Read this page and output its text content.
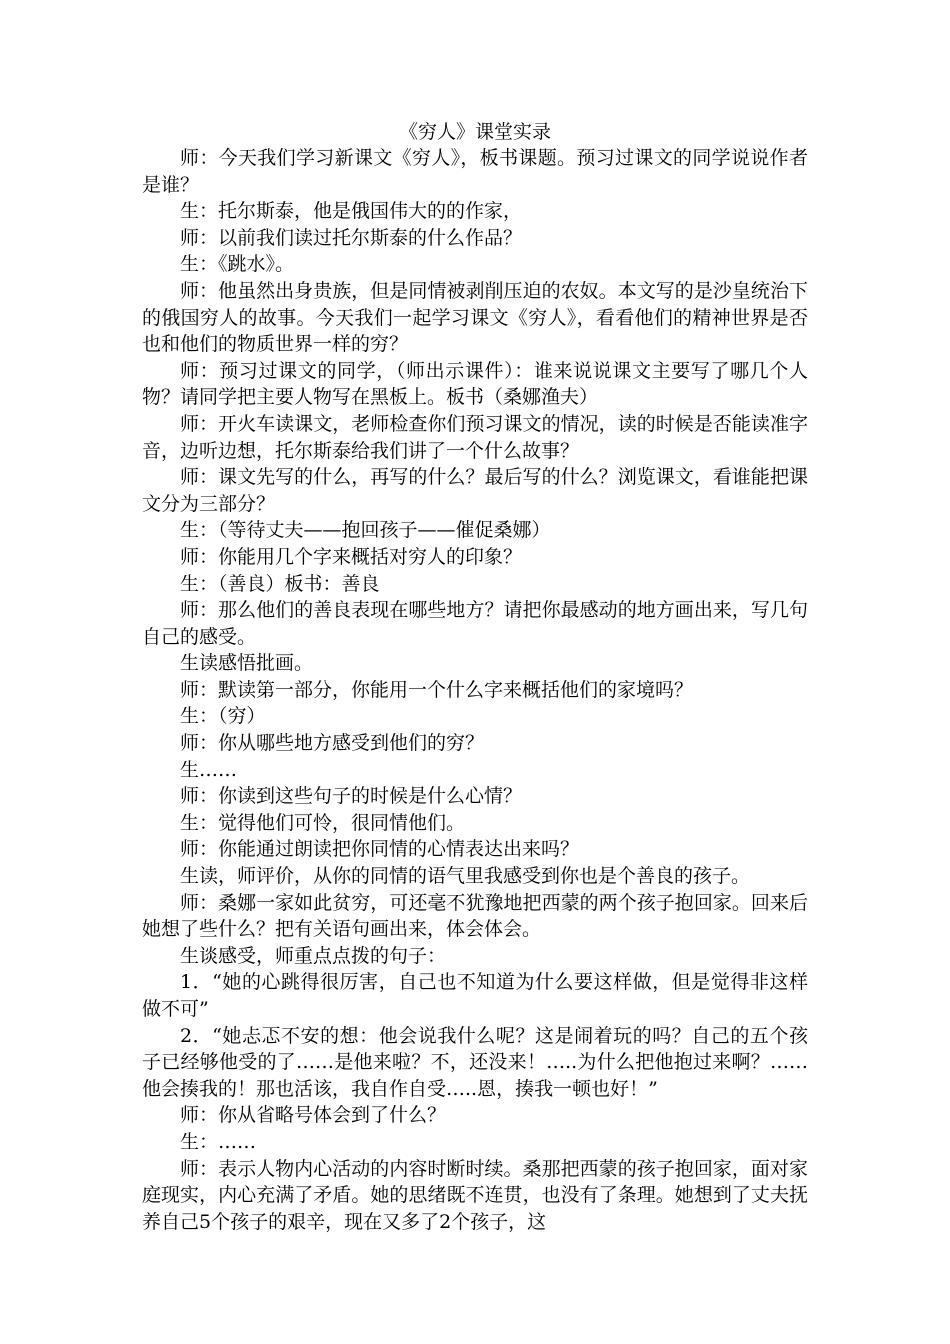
《穷人》课堂实录

师：今天我们学习新课文《穷人》，板书课题。预习过课文的同学说说作者是谁？

生：托尔斯泰，他是俄国伟大的的作家，

师：以前我们读过托尔斯泰的什么作品？

生：《跳水》。

师：他虽然出身贵族，但是同情被剥削压迫的农奴。本文写的是沙皇统治下的俄国穷人的故事。今天我们一起学习课文《穷人》，看看他们的精神世界是否也和他们的物质世界一样的穷？

师：预习过课文的同学，（师出示课件）：谁来说说课文主要写了哪几个人物？请同学把主要人物写在黑板上。板书（桑娜渔夫）

师：开火车读课文，老师检查你们预习课文的情况，读的时候是否能读准字音，边听边想，托尔斯泰给我们讲了一个什么故事？

师：课文先写的什么，再写的什么？最后写的什么？浏览课文，看谁能把课文分为三部分？

生：（等待丈夫——抱回孩子——催促桑娜）

师：你能用几个字来概括对穷人的印象？

生：（善良）板书：善良

师：那么他们的善良表现在哪些地方？请把你最感动的地方画出来，写几句自己的感受。

生读感悟批画。

师：默读第一部分，你能用一个什么字来概括他们的家境吗？

生：（穷）

师：你从哪些地方感受到他们的穷？

生……

师：你读到这些句子的时候是什么心情？

生：觉得他们可怜，很同情他们。

师：你能通过朗读把你同情的心情表达出来吗？

生读，师评价，从你的同情的语气里我感受到你也是个善良的孩子。

师：桑娜一家如此贫穷，可还毫不犹豫地把西蒙的两个孩子抱回家。回来后她想了些什么？把有关语句画出来，体会体会。

生谈感受，师重点点拨的句子：

1．“她的心跳得很厉害，自己也不知道为什么要这样做，但是觉得非这样做不可”

2．“她忐忑不安的想：他会说我什么呢？这是闹着玩的吗？自己的五个孩子已经够他受的了……是他来啦？不，还没来！…..为什么把他抱过来啊？……他会揍我的！那也活该，我自作自受…..恩，揍我一顿也好！”

师：你从省略号体会到了什么？

生：……

师：表示人物内心活动的内容时断时续。桑那把西蒙的孩子抱回家，面对家庭现实，内心充满了矛盾。她的思绪既不连贯，也没有了条理。她想到了丈夫抚养自己5个孩子的艰辛，现在又多了2个孩子，这
